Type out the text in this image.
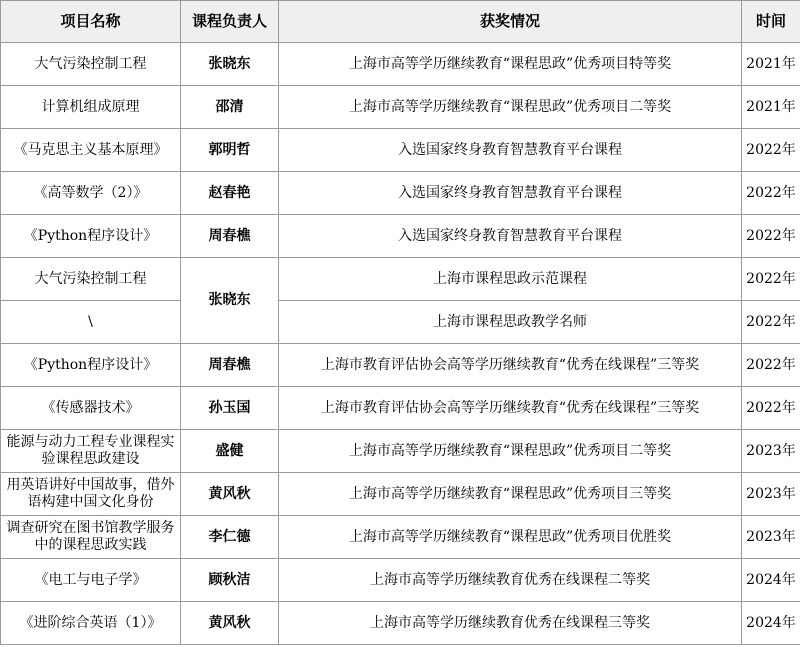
项目名称	课程负责人	获奖情况	时间
大气污染控制工程	张晓东	上海市高等学历继续教育“课程思政”优秀项目特等奖	2021年
计算机组成原理	邵清	上海市高等学历继续教育“课程思政”优秀项目二等奖	2021年
《马克思主义基本原理》	郭明哲	入选国家终身教育智慧教育平台课程	2022年
《高等数学（2）》	赵春艳	入选国家终身教育智慧教育平台课程	2022年
《Python程序设计》	周春樵	入选国家终身教育智慧教育平台课程	2022年
大气污染控制工程	张晓东	上海市课程思政示范课程	2022年
\		上海市课程思政教学名师	2022年
《Python程序设计》	周春樵	上海市教育评估协会高等学历继续教育“优秀在线课程”三等奖	2022年
《传感器技术》	孙玉国	上海市教育评估协会高等学历继续教育“优秀在线课程”三等奖	2022年
能源与动力工程专业课程实验课程思政建设	盛健	上海市高等学历继续教育“课程思政”优秀项目二等奖	2023年
用英语讲好中国故事，借外语构建中国文化身份	黄风秋	上海市高等学历继续教育“课程思政”优秀项目三等奖	2023年
调查研究在图书馆教学服务中的课程思政实践	李仁德	上海市高等学历继续教育“课程思政”优秀项目优胜奖	2023年
《电工与电子学》	顾秋洁	上海市高等学历继续教育优秀在线课程二等奖	2024年
《进阶综合英语（1）》	黄风秋	上海市高等学历继续教育优秀在线课程三等奖	2024年
